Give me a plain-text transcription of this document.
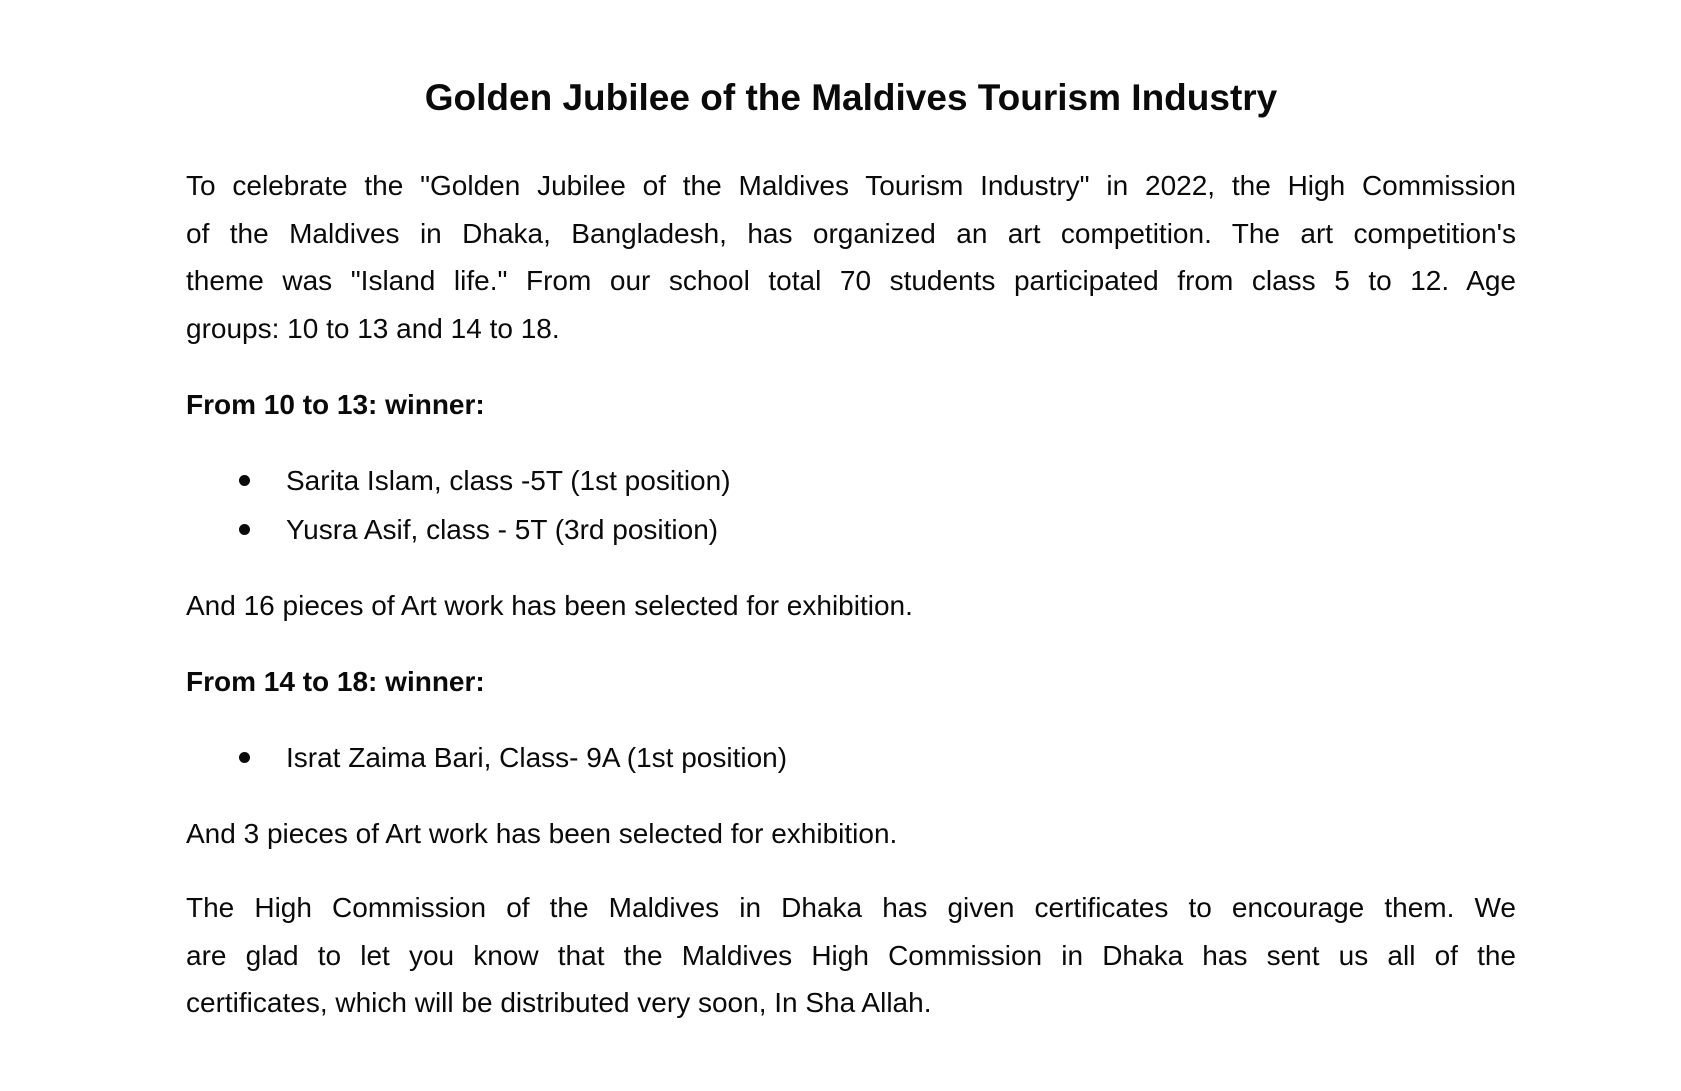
Golden Jubilee of the Maldives Tourism Industry

To celebrate the "Golden Jubilee of the Maldives Tourism Industry" in 2022, the High Commission
of the Maldives in Dhaka, Bangladesh, has organized an art competition. The art competition's
theme was "Island life." From our school total 70 students participated from class 5 to 12. Age
groups: 10 to 13 and 14 to 18.

From 10 to 13: winner:

Sarita Islam, class -5T (1st position)
Yusra Asif, class - 5T (3rd position)

And 16 pieces of Art work has been selected for exhibition.

From 14 to 18: winner:

Israt Zaima Bari, Class- 9A (1st position)

And 3 pieces of Art work has been selected for exhibition.

The High Commission of the Maldives in Dhaka has given certificates to encourage them. We
are glad to let you know that the Maldives High Commission in Dhaka has sent us all of the
certificates, which will be distributed very soon, In Sha Allah.
